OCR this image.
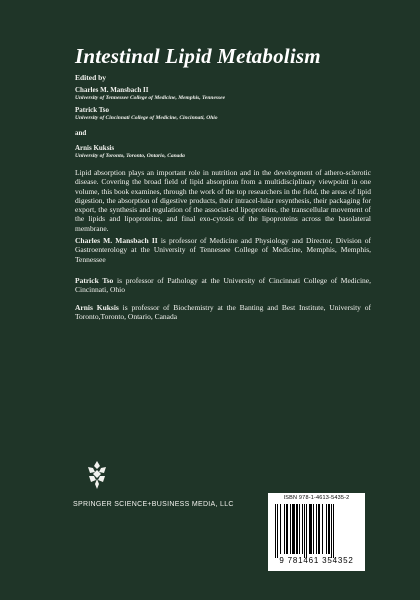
Intestinal Lipid Metabolism
Edited by
Charles M. Mansbach II
University of Tennessee College of Medicine, Memphis, Tennessee
Patrick Tso
University of Cincinnati College of Medicine, Cincinnati, Ohio
and
Arnis Kuksis
University of Toronto, Toronto, Ontario, Canada
Lipid absorption plays an important role in nutrition and in the development of athero-sclerotic disease. Covering the broad field of lipid absorption from a multidisciplinary viewpoint in one volume, this book examines, through the work of the top researchers in the field, the areas of lipid digestion, the absorption of digestive products, their intracel-lular resynthesis, their packaging for export, the synthesis and regulation of the associat-ed lipoproteins, the transcellular movement of the lipids and lipoproteins, and final exo-cytosis of the lipoproteins across the basolateral membrane.
Charles M. Mansbach II is professor of Medicine and Physiology and Director, Division of Gastroenterology at the University of Tennessee College of Medicine, Memphis, Memphis, Tennessee
Patrick Tso is professor of Pathology at the University of Cincinnati College of Medicine, Cincinnati, Ohio
Arnis Kuksis is professor of Biochemistry at the Banting and Best Institute, University of Toronto,Toronto, Ontario, Canada
SPRINGER SCIENCE+BUSINESS MEDIA, LLC
ISBN 978-1-4613-5435-2
9 781461 354352
